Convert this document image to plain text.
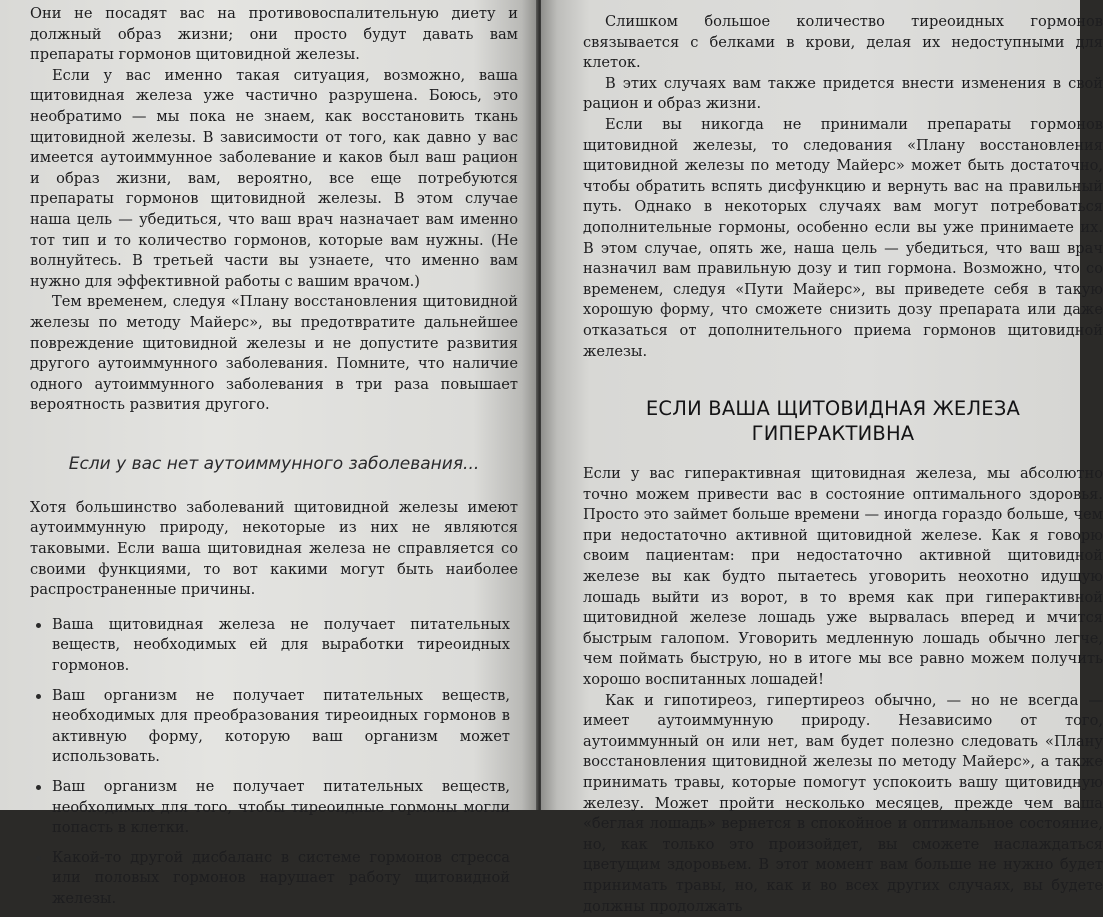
Они не посадят вас на противовоспалительную диету и должный образ жизни; они просто будут давать вам препараты гормонов щитовидной железы.

Если у вас именно такая ситуация, возможно, ваша щитовидная железа уже частично разрушена. Боюсь, это необратимо — мы пока не знаем, как восстановить ткань щитовидной железы. В зависимости от того, как давно у вас имеется аутоиммунное заболевание и каков был ваш рацион и образ жизни, вам, вероятно, все еще потребуются препараты гормонов щитовидной железы. В этом случае наша цель — убедиться, что ваш врач назначает вам именно тот тип и то количество гормонов, которые вам нужны. (Не волнуйтесь. В третьей части вы узнаете, что именно вам нужно для эффективной работы с вашим врачом.)

Тем временем, следуя «Плану восстановления щитовидной железы по методу Майерс», вы предотвратите дальнейшее повреждение щитовидной железы и не допустите развития другого аутоиммунного заболевания. Помните, что наличие одного аутоиммунного заболевания в три раза повышает вероятность развития другого.

Если у вас нет аутоиммунного заболевания...

Хотя большинство заболеваний щитовидной железы имеют аутоиммунную природу, некоторые из них не являются таковыми. Если ваша щитовидная железа не справляется со своими функциями, то вот какими могут быть наиболее распространенные причины.

Ваша щитовидная железа не получает питательных веществ, необходимых ей для выработки тиреоидных гормонов.
Ваш организм не получает питательных веществ, необходимых для преобразования тиреоидных гормонов в активную форму, которую ваш организм может использовать.
Ваш организм не получает питательных веществ, необходимых для того, чтобы тиреоидные гормоны могли попасть в клетки.
Какой-то другой дисбаланс в системе гормонов стресса или половых гормонов нарушает работу щитовидной железы.

Слишком большое количество тиреоидных гормонов связывается с белками в крови, делая их недоступными для клеток.

В этих случаях вам также придется внести изменения в свой рацион и образ жизни.

Если вы никогда не принимали препараты гормонов щитовидной железы, то следования «Плану восстановления щитовидной железы по методу Майерс» может быть достаточно, чтобы обратить вспять дисфункцию и вернуть вас на правильный путь. Однако в некоторых случаях вам могут потребоваться дополнительные гормоны, особенно если вы уже принимаете их. В этом случае, опять же, наша цель — убедиться, что ваш врач назначил вам правильную дозу и тип гормона. Возможно, что со временем, следуя «Пути Майерс», вы приведете себя в такую хорошую форму, что сможете снизить дозу препарата или даже отказаться от дополнительного приема гормонов щитовидной железы.

ЕСЛИ ВАША ЩИТОВИДНАЯ ЖЕЛЕЗА
ГИПЕРАКТИВНА

Если у вас гиперактивная щитовидная железа, мы абсолютно точно можем привести вас в состояние оптимального здоровья. Просто это займет больше времени — иногда гораздо больше, чем при недостаточно активной щитовидной железе. Как я говорю своим пациентам: при недостаточно активной щитовидной железе вы как будто пытаетесь уговорить неохотно идущую лошадь выйти из ворот, в то время как при гиперактивной щитовидной железе лошадь уже вырвалась вперед и мчится быстрым галопом. Уговорить медленную лошадь обычно легче, чем поймать быструю, но в итоге мы все равно можем получить хорошо воспитанных лошадей!

Как и гипотиреоз, гипертиреоз обычно, — но не всегда — имеет аутоиммунную природу. Независимо от того, аутоиммунный он или нет, вам будет полезно следовать «Плану восстановления щитовидной железы по методу Майерс», а также принимать травы, которые помогут успокоить вашу щитовидную железу. Может пройти несколько месяцев, прежде чем ваша «беглая лошадь» вернется в спокойное и оптимальное состояние, но, как только это произойдет, вы сможете наслаждаться цветущим здоровьем. В этот момент вам больше не нужно будет принимать травы, но, как и во всех других случаях, вы будете должны продолжать
